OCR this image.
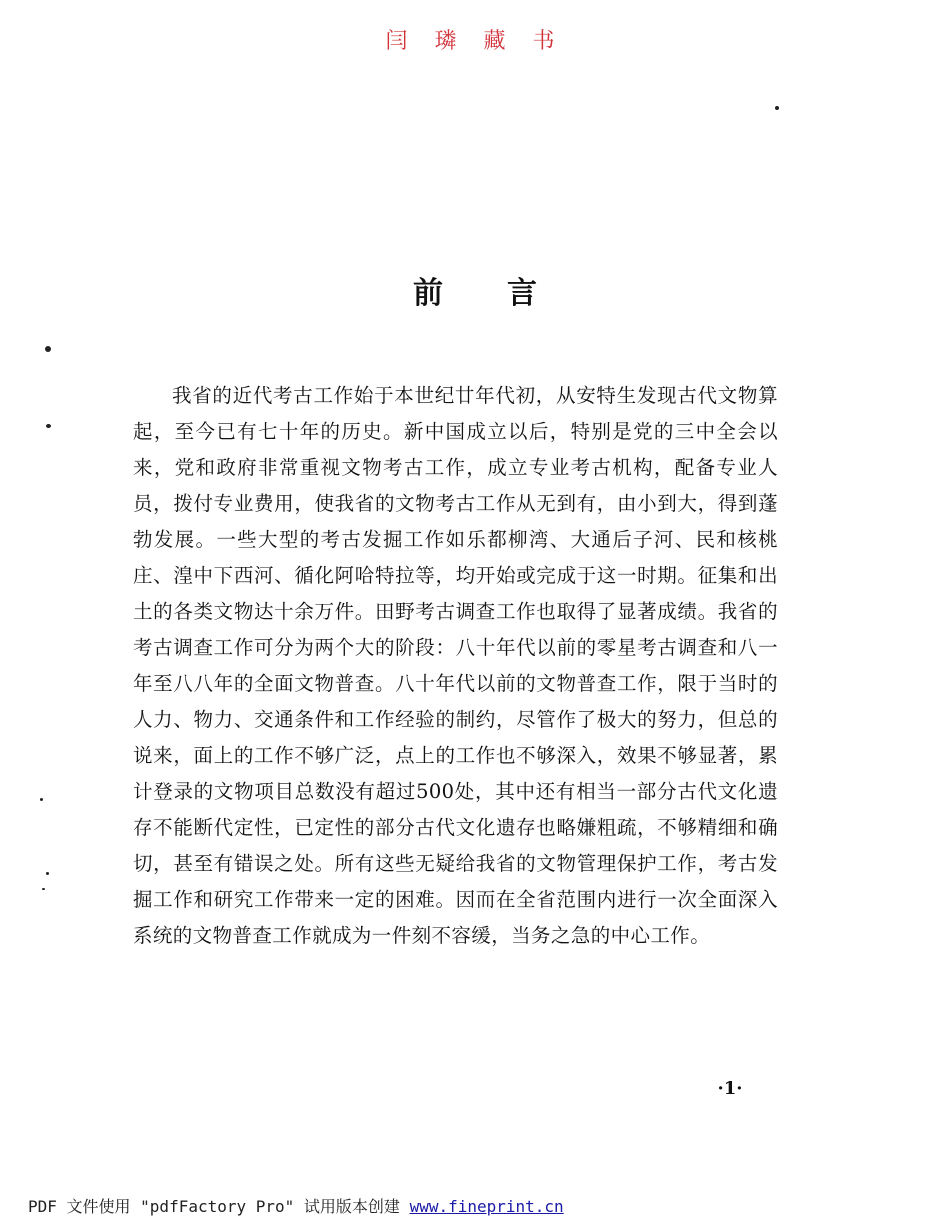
闫 璘 藏 书
前言

我省的近代考古工作始于本世纪廿年代初，从安特生发现古代文物算起，至今已有七十年的历史。新中国成立以后，特别是党的三中全会以来，党和政府非常重视文物考古工作，成立专业考古机构，配备专业人员，拨付专业费用，使我省的文物考古工作从无到有，由小到大，得到蓬勃发展。一些大型的考古发掘工作如乐都柳湾、大通后子河、民和核桃庄、湟中下西河、循化阿哈特拉等，均开始或完成于这一时期。征集和出土的各类文物达十余万件。田野考古调查工作也取得了显著成绩。我省的考古调查工作可分为两个大的阶段：八十年代以前的零星考古调查和八一年至八八年的全面文物普查。八十年代以前的文物普查工作，限于当时的人力、物力、交通条件和工作经验的制约，尽管作了极大的努力，但总的说来，面上的工作不够广泛，点上的工作也不够深入，效果不够显著，累计登录的文物项目总数没有超过500处，其中还有相当一部分古代文化遗存不能断代定性，已定性的部分古代文化遗存也略嫌粗疏，不够精细和确切，甚至有错误之处。所有这些无疑给我省的文物管理保护工作，考古发掘工作和研究工作带来一定的困难。因而在全省范围内进行一次全面深入系统的文物普查工作就成为一件刻不容缓，当务之急的中心工作。

·1·
PDF 文件使用 "pdfFactory Pro" 试用版本创建 www.fineprint.cn
